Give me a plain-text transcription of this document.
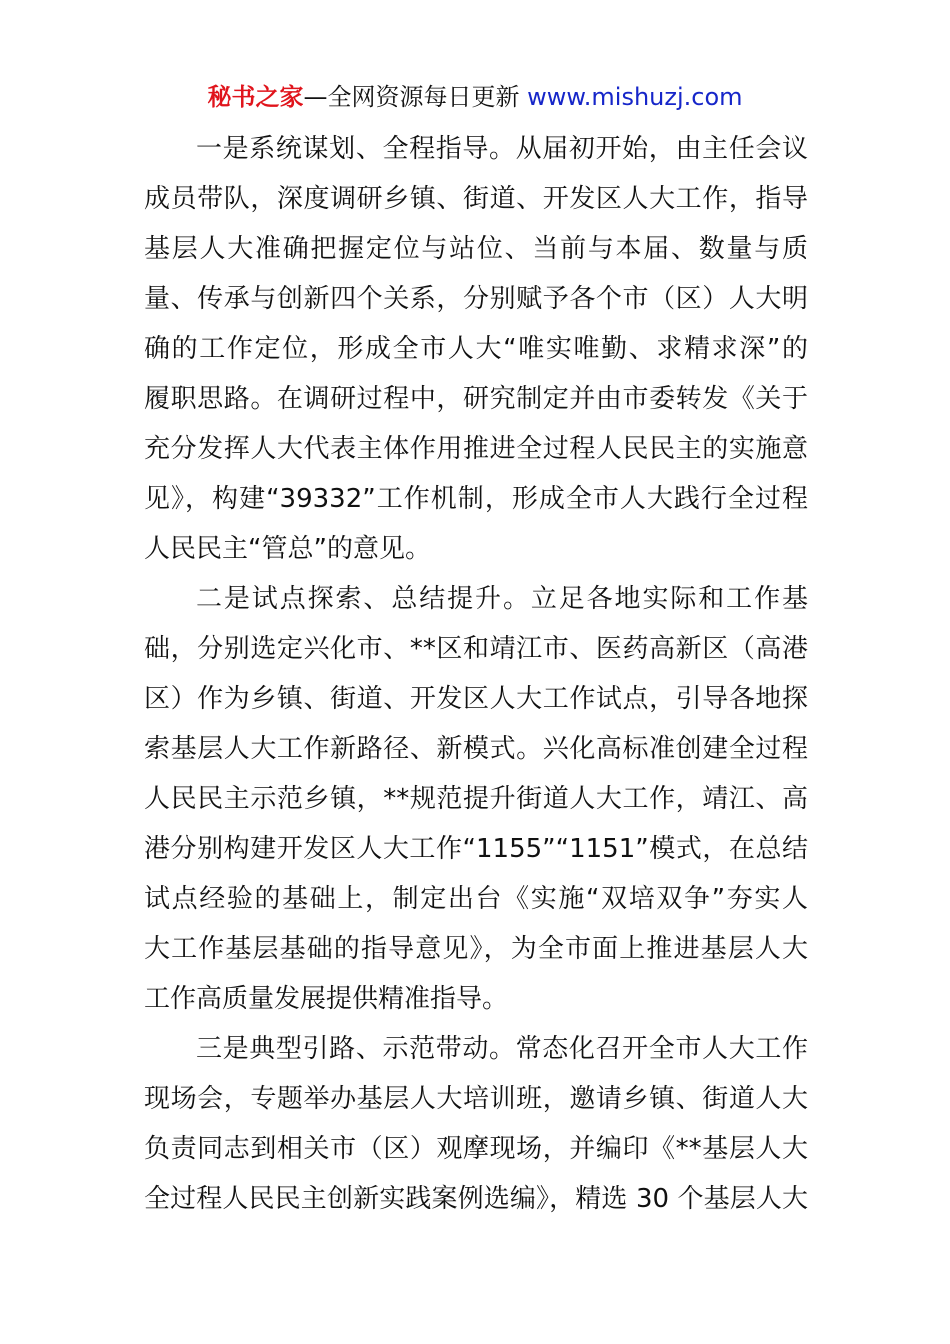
秘书之家—全网资源每日更新 www.mishuzj.com
一是系统谋划、全程指导。从届初开始，由主任会议
成员带队，深度调研乡镇、街道、开发区人大工作，指导
基层人大准确把握定位与站位、当前与本届、数量与质
量、传承与创新四个关系，分别赋予各个市（区）人大明
确的工作定位，形成全市人大“唯实唯勤、求精求深”的
履职思路。在调研过程中，研究制定并由市委转发《关于
充分发挥人大代表主体作用推进全过程人民民主的实施意
见》，构建“39332”工作机制，形成全市人大践行全过程
人民民主“管总”的意见。
二是试点探索、总结提升。立足各地实际和工作基
础，分别选定兴化市、**区和靖江市、医药高新区（高港
区）作为乡镇、街道、开发区人大工作试点，引导各地探
索基层人大工作新路径、新模式。兴化高标准创建全过程
人民民主示范乡镇，**规范提升街道人大工作，靖江、高
港分别构建开发区人大工作“1155”“1151”模式，在总结
试点经验的基础上，制定出台《实施“双培双争”夯实人
大工作基层基础的指导意见》，为全市面上推进基层人大
工作高质量发展提供精准指导。
三是典型引路、示范带动。常态化召开全市人大工作
现场会，专题举办基层人大培训班，邀请乡镇、街道人大
负责同志到相关市（区）观摩现场，并编印《**基层人大
全过程人民民主创新实践案例选编》，精选 30 个基层人大
